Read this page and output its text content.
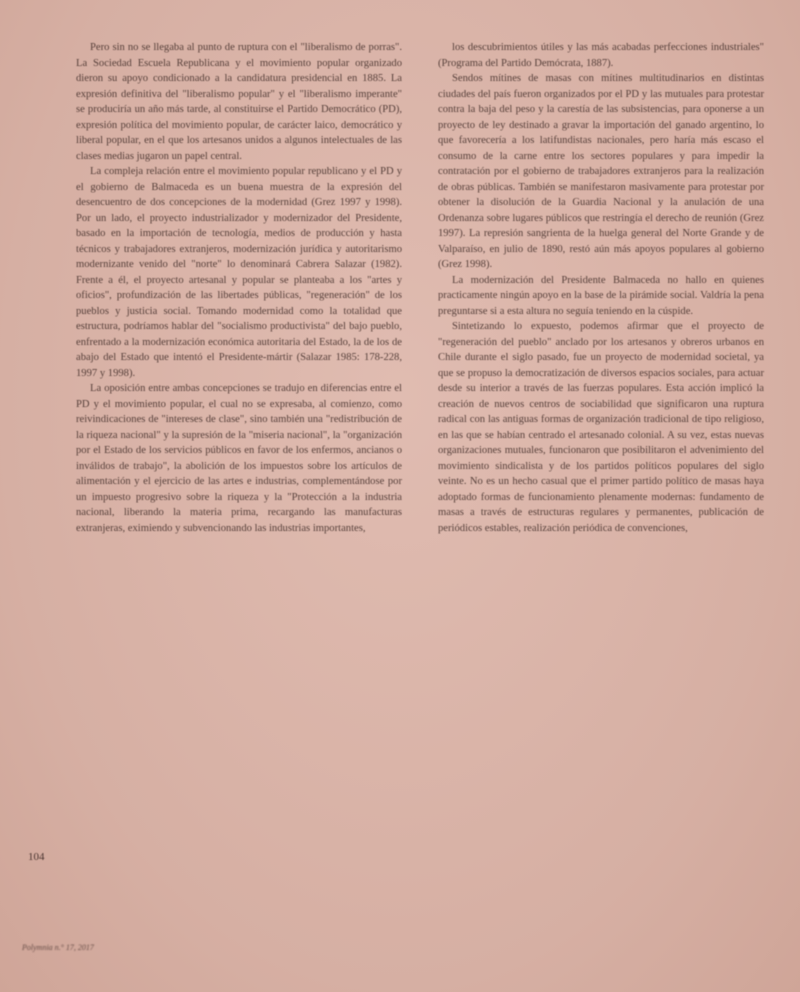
Pero sin no se llegaba al punto de ruptura con el "liberalismo de porras". La Sociedad Escuela Republicana y el movimiento popular organizado dieron su apoyo condicionado a la candidatura presidencial en 1885. La expresión definitiva del "liberalismo popular" y el "liberalismo imperante" se produciría un año más tarde, al constituirse el Partido Democrático (PD), expresión política del movimiento popular, de carácter laico, democrático y liberal popular, en el que los artesanos unidos a algunos intelectuales de las clases medias jugaron un papel central.

La compleja relación entre el movimiento popular republicano y el PD y el gobierno de Balmaceda es un buena muestra de la expresión del desencuentro de dos concepciones de la modernidad (Grez 1997 y 1998). Por un lado, el proyecto industrializador y modernizador del Presidente, basado en la importación de tecnología, medios de producción y hasta técnicos y trabajadores extranjeros, modernización jurídica y autoritarismo modernizante venido del "norte" lo denominará Cabrera Salazar (1982). Frente a él, el proyecto artesanal y popular se planteaba a los "artes y oficios", profundización de las libertades públicas, "regeneración" de los pueblos y justicia social. Tomando modernidad como la totalidad que estructura, podríamos hablar del "socialismo productivista" del bajo pueblo, enfrentado a la modernización económica autoritaria del Estado, la de los de abajo del Estado que intentó el Presidente-mártir (Salazar 1985: 178-228, 1997 y 1998).

La oposición entre ambas concepciones se tradujo en diferencias entre el PD y el movimiento popular, el cual no se expresaba, al comienzo, como reivindicaciones de "intereses de clase", sino también una "redistribución de la riqueza nacional" y la supresión de la "miseria nacional", la "organización por el Estado de los servicios públicos en favor de los enfermos, ancianos o inválidos de trabajo", la abolición de los impuestos sobre los artículos de alimentación y el ejercicio de las artes e industrias, complementándose por un impuesto progresivo sobre la riqueza y la "Protección a la industria nacional, liberando la materia prima, recargando las manufacturas extranjeras, eximiendo y subvencionando las industrias importantes,

los descubrimientos útiles y las más acabadas perfecciones industriales" (Programa del Partido Demócrata, 1887).

Sendos mítines de masas con mítines multitudinarios en distintas ciudades del país fueron organizados por el PD y las mutuales para protestar contra la baja del peso y la carestía de las subsistencias, para oponerse a un proyecto de ley destinado a gravar la importación del ganado argentino, lo que favorecería a los latifundistas nacionales, pero haría más escaso el consumo de la carne entre los sectores populares y para impedir la contratación por el gobierno de trabajadores extranjeros para la realización de obras públicas. También se manifestaron masivamente para protestar por obtener la disolución de la Guardia Nacional y la anulación de una Ordenanza sobre lugares públicos que restringía el derecho de reunión (Grez 1997). La represión sangrienta de la huelga general del Norte Grande y de Valparaíso, en julio de 1890, restó aún más apoyos populares al gobierno (Grez 1998).

La modernización del Presidente Balmaceda no hallo en quienes practicamente ningún apoyo en la base de la pirámide social. Valdría la pena preguntarse si a esta altura no seguía teniendo en la cúspide.

Sintetizando lo expuesto, podemos afirmar que el proyecto de "regeneración del pueblo" anclado por los artesanos y obreros urbanos en Chile durante el siglo pasado, fue un proyecto de modernidad societal, ya que se propuso la democratización de diversos espacios sociales, para actuar desde su interior a través de las fuerzas populares. Esta acción implicó la creación de nuevos centros de sociabilidad que significaron una ruptura radical con las antiguas formas de organización tradicional de tipo religioso, en las que se habían centrado el artesanado colonial. A su vez, estas nuevas organizaciones mutuales, funcionaron que posibilitaron el advenimiento del movimiento sindicalista y de los partidos políticos populares del siglo veinte. No es un hecho casual que el primer partido político de masas haya adoptado formas de funcionamiento plenamente modernas: fundamento de masas a través de estructuras regulares y permanentes, publicación de periódicos estables, realización periódica de convenciones,

104
Polymnia n.° 17, 2017
